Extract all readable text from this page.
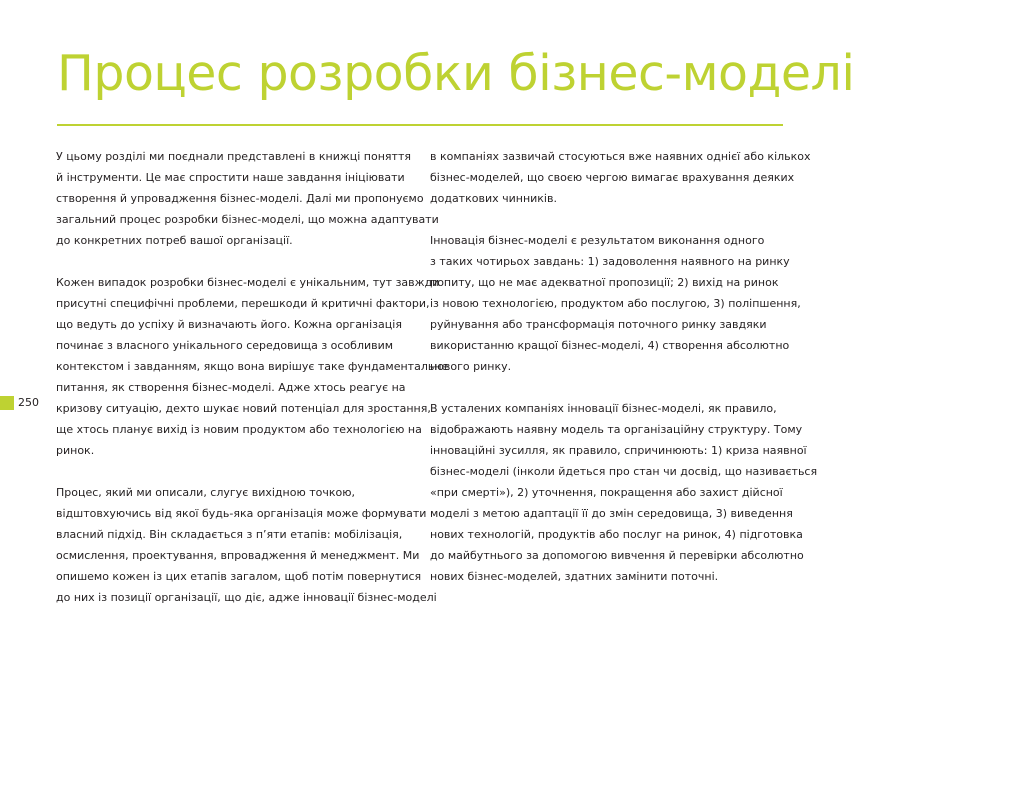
Процес розробки бізнес-моделі

У цьому розділі ми поєднали представлені в книжці поняття
й інструменти. Це має спростити наше завдання ініціювати
створення й упровадження бізнес-моделі. Далі ми пропонуємо
загальний процес розробки бізнес-моделі, що можна адаптувати
до конкретних потреб вашої організації.

Кожен випадок розробки бізнес-моделі є унікальним, тут завжди
присутні специфічні проблеми, перешкоди й критичні фактори,
що ведуть до успіху й визначають його. Кожна організація
починає з власного унікального середовища з особливим
контекстом і завданням, якщо вона вирішує таке фундаментальне
питання, як створення бізнес-моделі. Адже хтось реагує на
кризову ситуацію, дехто шукає новий потенціал для зростання,
ще хтось планує вихід із новим продуктом або технологією на
ринок.

Процес, який ми описали, слугує вихідною точкою,
відштовхуючись від якої будь-яка організація може формувати
власний підхід. Він складається з п’яти етапів: мобілізація,
осмислення, проектування, впровадження й менеджмент. Ми
опишемо кожен із цих етапів загалом, щоб потім повернутися
до них із позиції організації, що діє, адже інновації бізнес-моделі

в компаніях зазвичай стосуються вже наявних однієї або кількох
бізнес-моделей, що своєю чергою вимагає врахування деяких
додаткових чинників.

Інновація бізнес-моделі є результатом виконання одного
з таких чотирьох завдань: 1) задоволення наявного на ринку
попиту, що не має адекватної пропозиції; 2) вихід на ринок
із новою технологією, продуктом або послугою, 3) поліпшення,
руйнування або трансформація поточного ринку завдяки
використанню кращої бізнес-моделі, 4) створення абсолютно
нового ринку.

В усталених компаніях інновації бізнес-моделі, як правило,
відображають наявну модель та організаційну структуру. Тому
інноваційні зусилля, як правило, спричинюють: 1) криза наявної
бізнес-моделі (інколи йдеться про стан чи досвід, що називається
«при смерті»), 2) уточнення, покращення або захист дійсної
моделі з метою адаптації її до змін середовища, 3) виведення
нових технологій, продуктів або послуг на ринок, 4) підготовка
до майбутнього за допомогою вивчення й перевірки абсолютно
нових бізнес-моделей, здатних замінити поточні.

250
